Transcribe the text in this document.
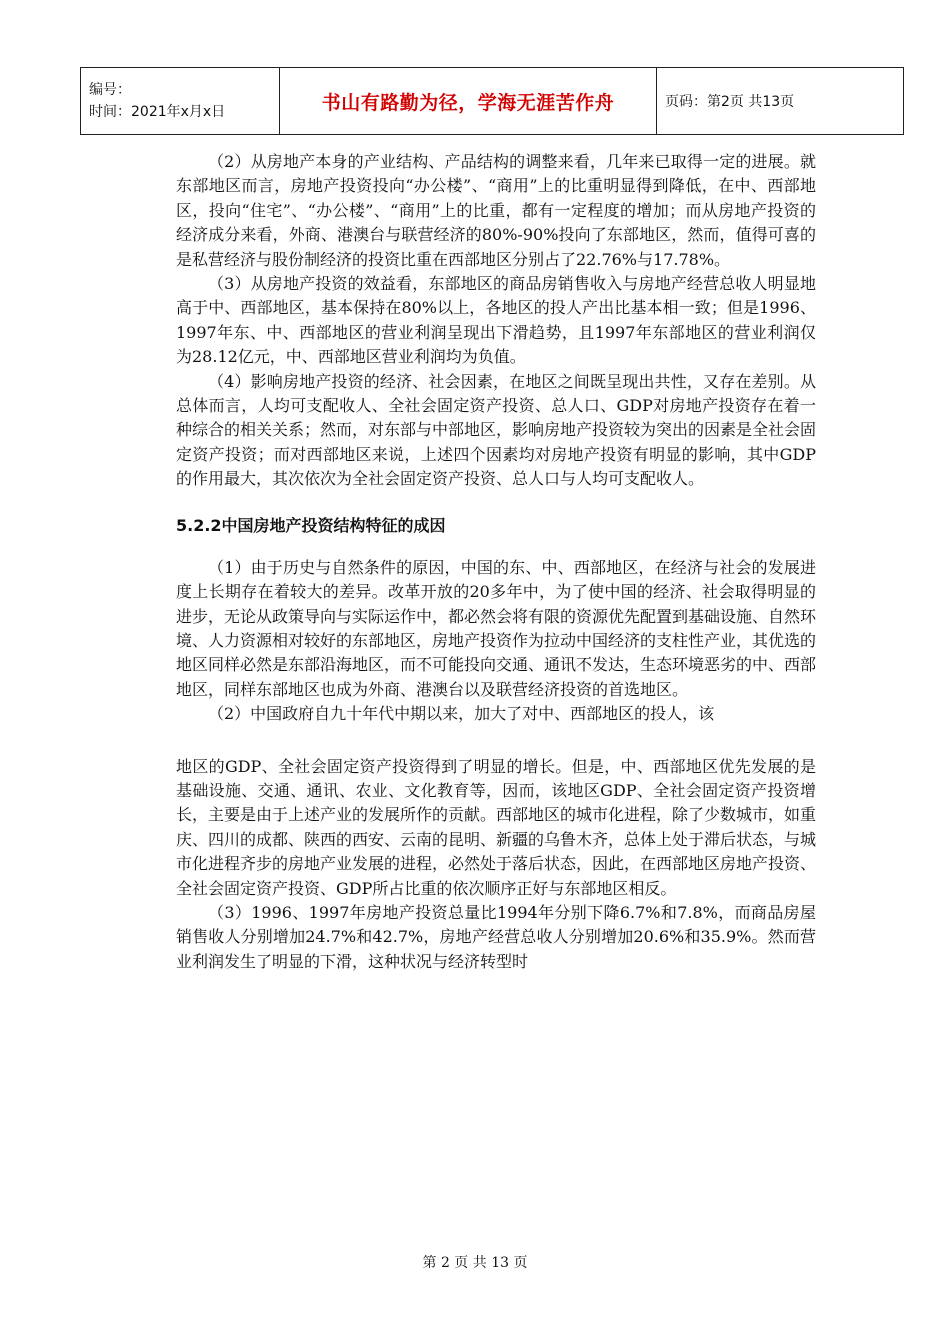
编号：
时间：2021年x月x日	书山有路勤为径，学海无涯苦作舟	页码：第2页 共13页

（2）从房地产本身的产业结构、产品结构的调整来看，几年来已取得一定的进展。就东部地区而言，房地产投资投向“办公楼”、“商用”上的比重明显得到降低，在中、西部地区，投向“住宅”、“办公楼”、“商用”上的比重，都有一定程度的增加；而从房地产投资的经济成分来看，外商、港澳台与联营经济的80%-90%投向了东部地区，然而，值得可喜的是私营经济与股份制经济的投资比重在西部地区分别占了22.76%与17.78%。

（3）从房地产投资的效益看，东部地区的商品房销售收入与房地产经营总收人明显地高于中、西部地区，基本保持在80%以上，各地区的投人产出比基本相一致；但是1996、1997年东、中、西部地区的营业利润呈现出下滑趋势，且1997年东部地区的营业利润仅为28.12亿元，中、西部地区营业利润均为负值。

（4）影响房地产投资的经济、社会因素，在地区之间既呈现出共性，又存在差别。从总体而言，人均可支配收人、全社会固定资产投资、总人口、GDP对房地产投资存在着一种综合的相关关系；然而，对东部与中部地区，影响房地产投资较为突出的因素是全社会固定资产投资；而对西部地区来说，上述四个因素均对房地产投资有明显的影响，其中GDP的作用最大，其次依次为全社会固定资产投资、总人口与人均可支配收人。

5.2.2中国房地产投资结构特征的成因

（1）由于历史与自然条件的原因，中国的东、中、西部地区，在经济与社会的发展进度上长期存在着较大的差异。改革开放的20多年中，为了使中国的经济、社会取得明显的进步，无论从政策导向与实际运作中，都必然会将有限的资源优先配置到基础设施、自然环境、人力资源相对较好的东部地区，房地产投资作为拉动中国经济的支柱性产业，其优选的地区同样必然是东部沿海地区，而不可能投向交通、通讯不发达，生态环境恶劣的中、西部地区，同样东部地区也成为外商、港澳台以及联营经济投资的首选地区。

（2）中国政府自九十年代中期以来，加大了对中、西部地区的投人，该

地区的GDP、全社会固定资产投资得到了明显的增长。但是，中、西部地区优先发展的是基础设施、交通、通讯、农业、文化教育等，因而，该地区GDP、全社会固定资产投资增长，主要是由于上述产业的发展所作的贡献。西部地区的城市化进程，除了少数城市，如重庆、四川的成都、陕西的西安、云南的昆明、新疆的乌鲁木齐，总体上处于滞后状态，与城市化进程齐步的房地产业发展的进程，必然处于落后状态，因此，在西部地区房地产投资、全社会固定资产投资、GDP所占比重的依次顺序正好与东部地区相反。

（3）1996、1997年房地产投资总量比1994年分别下降6.7%和7.8%，而商品房屋销售收人分别增加24.7%和42.7%，房地产经营总收人分别增加20.6%和35.9%。然而营业利润发生了明显的下滑，这种状况与经济转型时

第 2 页 共 13 页
